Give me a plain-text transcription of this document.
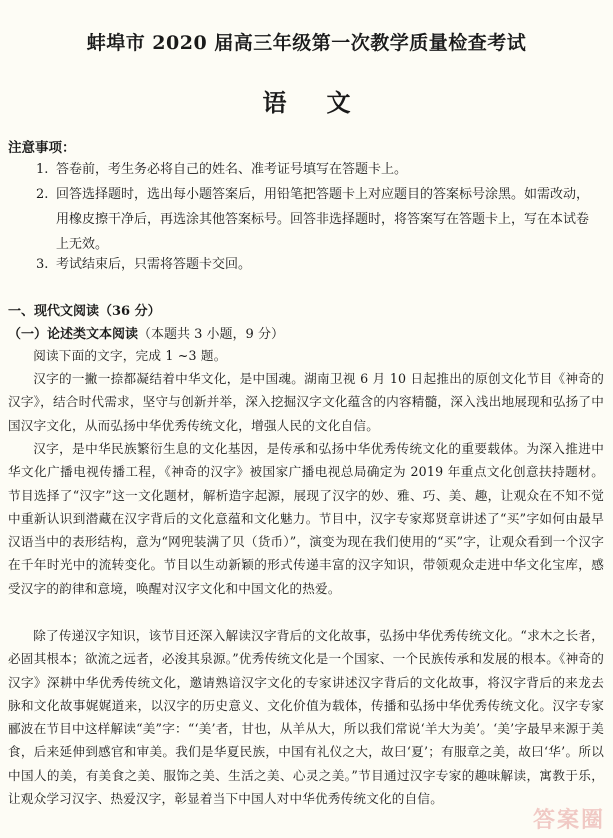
蚌埠市 2020 届高三年级第一次教学质量检查考试
语文
注意事项：
1. 答卷前，考生务必将自己的姓名、准考证号填写在答题卡上。
2. 回答选择题时，选出每小题答案后，用铅笔把答题卡上对应题目的答案标号涂黑。如需改动，用橡皮擦干净后，再选涂其他答案标号。回答非选择题时，将答案写在答题卡上，写在本试卷上无效。
3. 考试结束后，只需将答题卡交回。
一、现代文阅读（36 分）
（一）论述类文本阅读（本题共 3 小题，9 分）
阅读下面的文字，完成 1 ~3 题。
汉字的一撇一捺都凝结着中华文化，是中国魂。湖南卫视 6 月 10 日起推出的原创文化节目《神奇的汉字》，结合时代需求，坚守与创新并举，深入挖掘汉字文化蕴含的内容精髓，深入浅出地展现和弘扬了中国汉字文化，从而弘扬中华优秀传统文化，增强人民的文化自信。
汉字，是中华民族繁衍生息的文化基因，是传承和弘扬中华优秀传统文化的重要载体。为深入推进中华文化广播电视传播工程，《神奇的汉字》被国家广播电视总局确定为 2019 年重点文化创意扶持题材。节目选择了“汉字”这一文化题材，解析造字起源，展现了汉字的妙、雅、巧、美、趣，让观众在不知不觉中重新认识到潜藏在汉字背后的文化意蕴和文化魅力。节目中，汉字专家郑贤章讲述了“买”字如何由最早汉语当中的表形结构，意为“网兜装满了贝（货币）”，演变为现在我们使用的“买”字，让观众看到一个汉字在千年时光中的流转变化。节目以生动新颖的形式传递丰富的汉字知识，带领观众走进中华文化宝库，感受汉字的韵律和意境，唤醒对汉字文化和中国文化的热爱。
除了传递汉字知识，该节目还深入解读汉字背后的文化故事，弘扬中华优秀传统文化。“求木之长者，必固其根本；欲流之远者，必浚其泉源。”优秀传统文化是一个国家、一个民族传承和发展的根本。《神奇的汉字》深耕中华优秀传统文化，邀请熟谙汉字文化的专家讲述汉字背后的文化故事，将汉字背后的来龙去脉和文化故事娓娓道来，以汉字的历史意义、文化价值为载体，传播和弘扬中华优秀传统文化。汉字专家郦波在节目中这样解读“美”字：“‘美’者，甘也，从羊从大，所以我们常说‘羊大为美’。‘美’字最早来源于美食，后来延伸到感官和审美。我们是华夏民族，中国有礼仪之大，故曰‘夏’；有服章之美，故曰‘华’。所以中国人的美，有美食之美、服饰之美、生活之美、心灵之美。”节目通过汉字专家的趣味解读，寓教于乐，让观众学习汉字、热爱汉字，彰显着当下中国人对中华优秀传统文化的自信。
答案圈
